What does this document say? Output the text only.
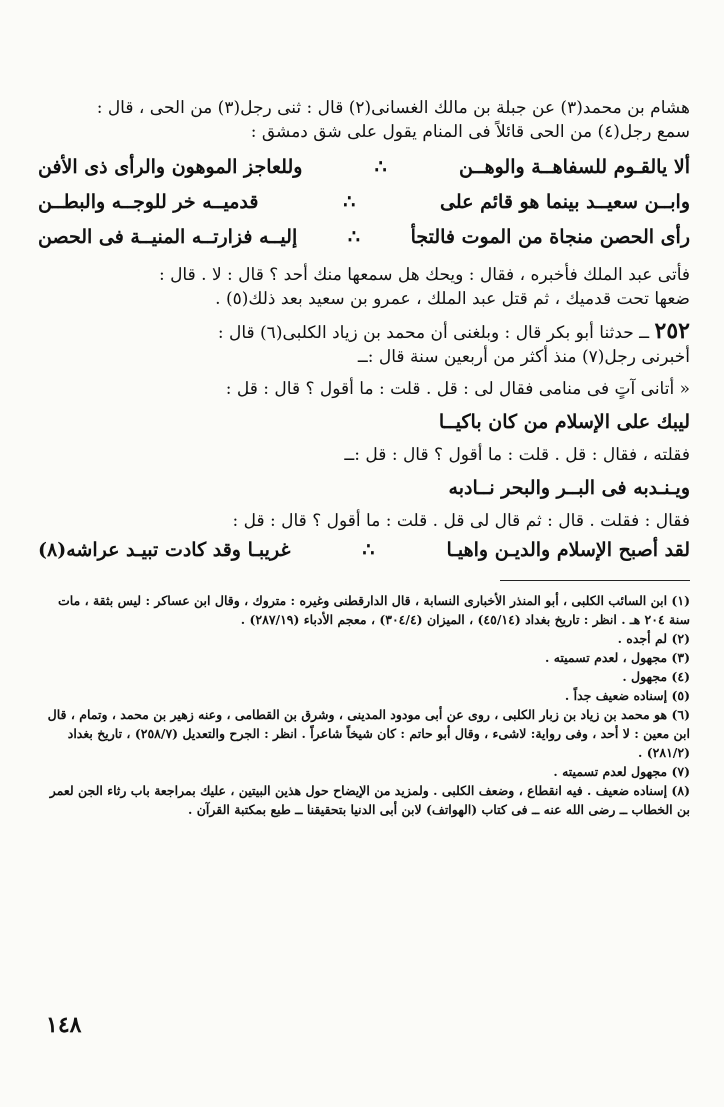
هشام بن محمد(٣) عن جبلة بن مالك الغسانى(٢) قال : ثنى رجل(٣) من الحى ، قال :

سمع رجل(٤) من الحى قائلاً فى المنام يقول على شق دمشق :

ألا يالقـوم للسفاهــة والوهــن
∴
وللعاجز الموهون والرأى ذى الأفن
وابــن سعيــد بينما هو قائم على
∴
قدميــه خر للوجــه والبطــن
رأى الحصن منجاة من الموت فالتجأ
∴
إليــه فزارتــه المنيــة فى الحصن

فأتى عبد الملك فأخبره ، فقال : ويحك هل سمعها منك أحد ؟ قال : لا . قال :

ضعها تحت قدميك ، ثم قتل عبد الملك ، عمرو بن سعيد بعد ذلك(٥) .

٢٥٢ ــ حدثنا أبو بكر قال : وبلغنى أن محمد بن زياد الكلبى(٦) قال :

أخبرنى رجل(٧) منذ أكثر من أربعين سنة قال :ــ

« أتانى آتٍ فى منامى فقال لى : قل . قلت : ما أقول ؟ قال : قل :

ليبك على الإسلام من كان باكيــا

فقلته ، فقال : قل . قلت : ما أقول ؟ قال : قل :ــ

ويـنـدبه فى البــر والبحر نــادبه

فقال : فقلت . قال : ثم قال لى قل . قلت : ما أقول ؟ قال : قل :

لقد أصبح الإسلام والديـن واهيـا
∴
غريبـا وقد كادت تبيـد عراشه(٨)

(١) ابن السائب الكلبى ، أبو المنذر الأخبارى النسابة ، قال الدارقطنى وغيره : متروك ، وقال ابن عساكر : ليس بثقة ، مات سنة ٢٠٤ هـ . انظر : تاريخ بغداد (٤٥/١٤) ، الميزان (٣٠٤/٤) ، معجم الأدباء (٢٨٧/١٩) .

(٢) لم أجده .

(٣) مجهول ، لعدم تسميته .

(٤) مجهول .

(٥) إسناده ضعيف جداً .

(٦) هو محمد بن زياد بن زبار الكلبى ، روى عن أبى مودود المدينى ، وشرق بن القطامى ، وعنه زهير بن محمد ، وتمام ، قال ابن معين : لا أحد ، وفى رواية: لاشىء ، وقال أبو حاتم : كان شيخاً شاعراً . انظر : الجرح والتعديل (٢٥٨/٧) ، تاريخ بغداد (٢٨١/٢) .

(٧) مجهول لعدم تسميته .

(٨) إسناده ضعيف . فيه انقطاع ، وضعف الكلبى . ولمزيد من الإيضاح حول هذين البيتين ، عليك بمراجعة باب رثاء الجن لعمر بن الخطاب ــ رضى الله عنه ــ فى كتاب (الهواتف) لابن أبى الدنيا بتحقيقنا ــ طبع بمكتبة القرآن .

١٤٨
